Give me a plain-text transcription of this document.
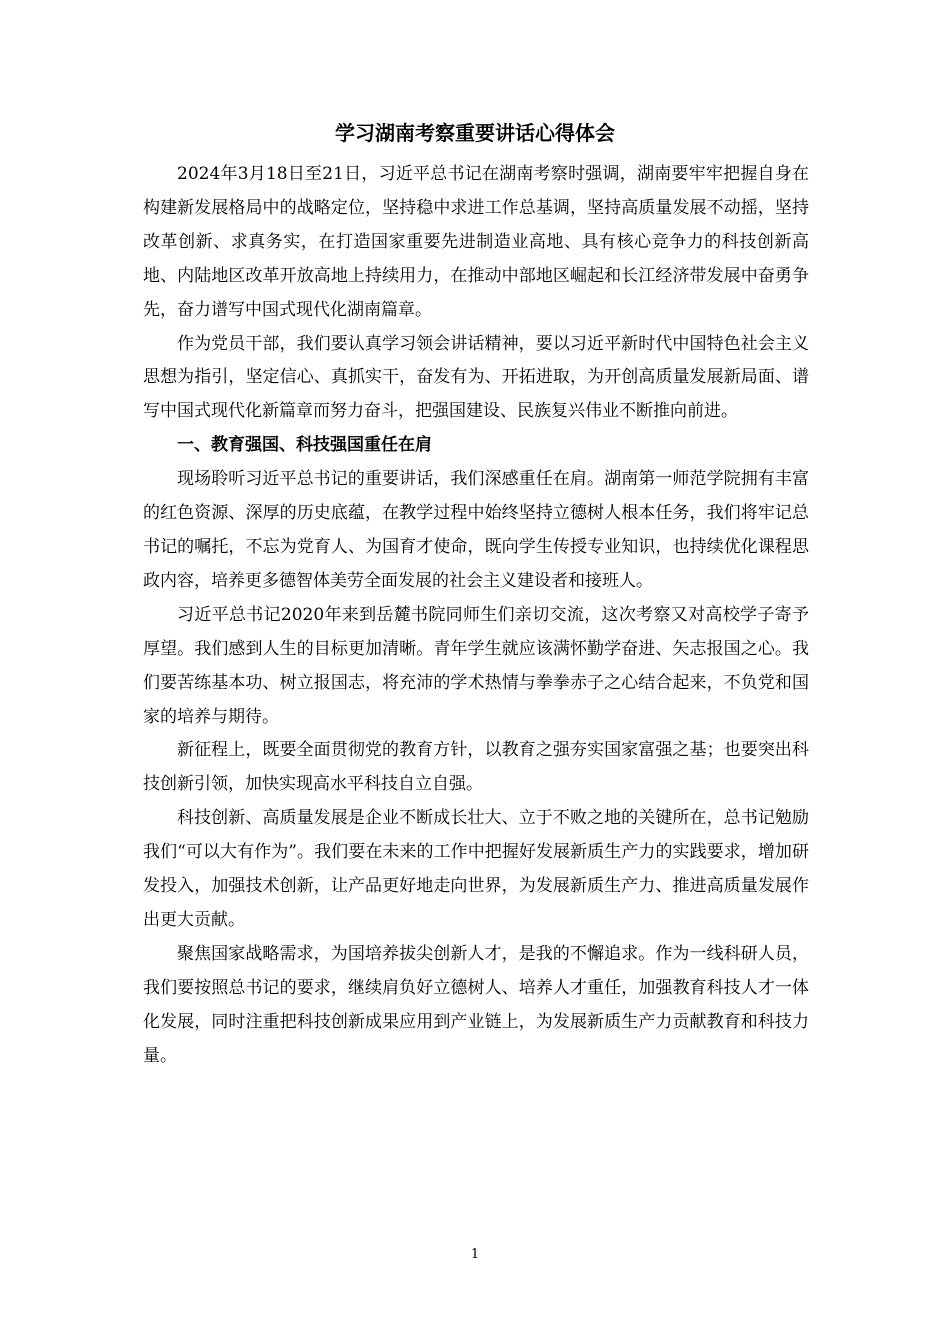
学习湖南考察重要讲话心得体会

2024年3月18日至21日，习近平总书记在湖南考察时强调，湖南要牢牢把握自身在构建新发展格局中的战略定位，坚持稳中求进工作总基调，坚持高质量发展不动摇，坚持改革创新、求真务实，在打造国家重要先进制造业高地、具有核心竞争力的科技创新高地、内陆地区改革开放高地上持续用力，在推动中部地区崛起和长江经济带发展中奋勇争先，奋力谱写中国式现代化湖南篇章。

作为党员干部，我们要认真学习领会讲话精神，要以习近平新时代中国特色社会主义思想为指引，坚定信心、真抓实干，奋发有为、开拓进取，为开创高质量发展新局面、谱写中国式现代化新篇章而努力奋斗，把强国建设、民族复兴伟业不断推向前进。

一、教育强国、科技强国重任在肩

现场聆听习近平总书记的重要讲话，我们深感重任在肩。湖南第一师范学院拥有丰富的红色资源、深厚的历史底蕴，在教学过程中始终坚持立德树人根本任务，我们将牢记总书记的嘱托，不忘为党育人、为国育才使命，既向学生传授专业知识，也持续优化课程思政内容，培养更多德智体美劳全面发展的社会主义建设者和接班人。

习近平总书记2020年来到岳麓书院同师生们亲切交流，这次考察又对高校学子寄予厚望。我们感到人生的目标更加清晰。青年学生就应该满怀勤学奋进、矢志报国之心。我们要苦练基本功、树立报国志，将充沛的学术热情与拳拳赤子之心结合起来，不负党和国家的培养与期待。

新征程上，既要全面贯彻党的教育方针，以教育之强夯实国家富强之基；也要突出科技创新引领，加快实现高水平科技自立自强。

科技创新、高质量发展是企业不断成长壮大、立于不败之地的关键所在，总书记勉励我们“可以大有作为”。我们要在未来的工作中把握好发展新质生产力的实践要求，增加研发投入，加强技术创新，让产品更好地走向世界，为发展新质生产力、推进高质量发展作出更大贡献。

聚焦国家战略需求，为国培养拔尖创新人才，是我的不懈追求。作为一线科研人员，我们要按照总书记的要求，继续肩负好立德树人、培养人才重任，加强教育科技人才一体化发展，同时注重把科技创新成果应用到产业链上，为发展新质生产力贡献教育和科技力量。

1
